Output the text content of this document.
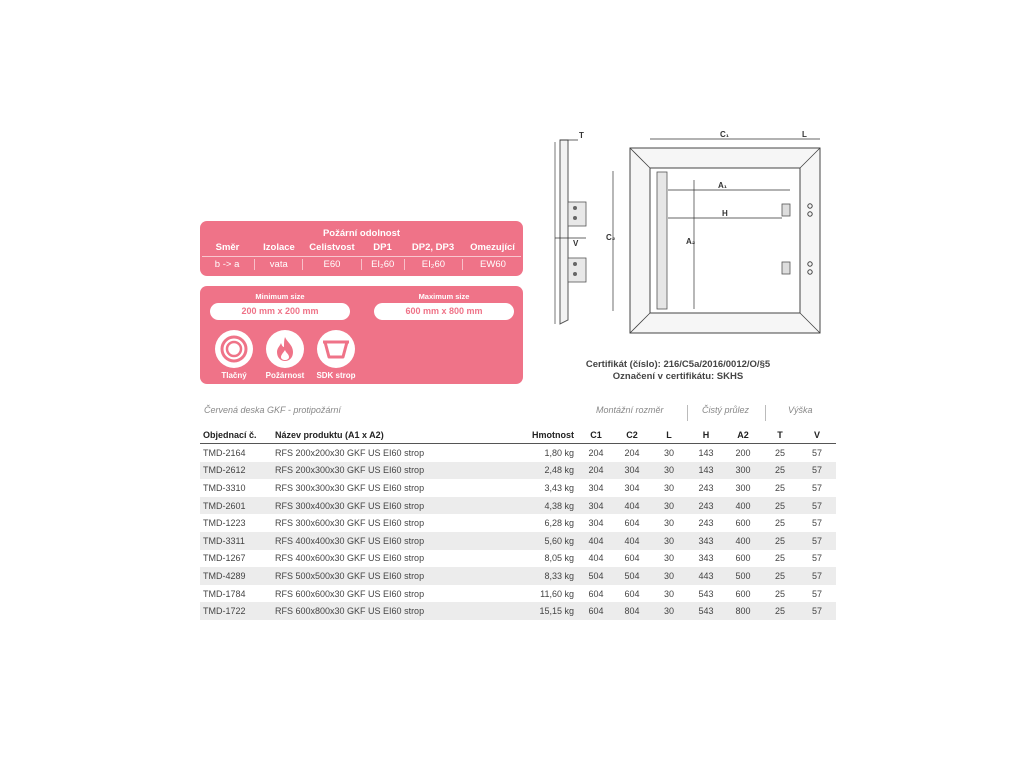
Požární odolnost
Směr	Izolace	Celistvost	DP1	DP2, DP3	Omezující
b -> a	vata	E60	EI₂60	EI₂60	EW60
Minimum size
200 mm x 200 mm
Maximum size
600 mm x 800 mm
Tlačný	Požárnost	SDK strop
T
V
C₁	L
A₁
H
C₂	A₂
Certifikát (číslo): 216/C5a/2016/0012/O/§5
Označení v certifikátu: SKHS
Červená deska GKF - protipožární	Montážní rozměr	Čistý průlez	Výška
Objednací č.	Název produktu (A1 x A2)	Hmotnost	C1	C2	L	H	A2	T	V
TMD-2164	RFS 200x200x30 GKF US EI60 strop	1,80 kg	204	204	30	143	200	25	57
TMD-2612	RFS 200x300x30 GKF US EI60 strop	2,48 kg	204	304	30	143	300	25	57
TMD-3310	RFS 300x300x30 GKF US EI60 strop	3,43 kg	304	304	30	243	300	25	57
TMD-2601	RFS 300x400x30 GKF US EI60 strop	4,38 kg	304	404	30	243	400	25	57
TMD-1223	RFS 300x600x30 GKF US EI60 strop	6,28 kg	304	604	30	243	600	25	57
TMD-3311	RFS 400x400x30 GKF US EI60 strop	5,60 kg	404	404	30	343	400	25	57
TMD-1267	RFS 400x600x30 GKF US EI60 strop	8,05 kg	404	604	30	343	600	25	57
TMD-4289	RFS 500x500x30 GKF US EI60 strop	8,33 kg	504	504	30	443	500	25	57
TMD-1784	RFS 600x600x30 GKF US EI60 strop	11,60 kg	604	604	30	543	600	25	57
TMD-1722	RFS 600x800x30 GKF US EI60 strop	15,15 kg	604	804	30	543	800	25	57
